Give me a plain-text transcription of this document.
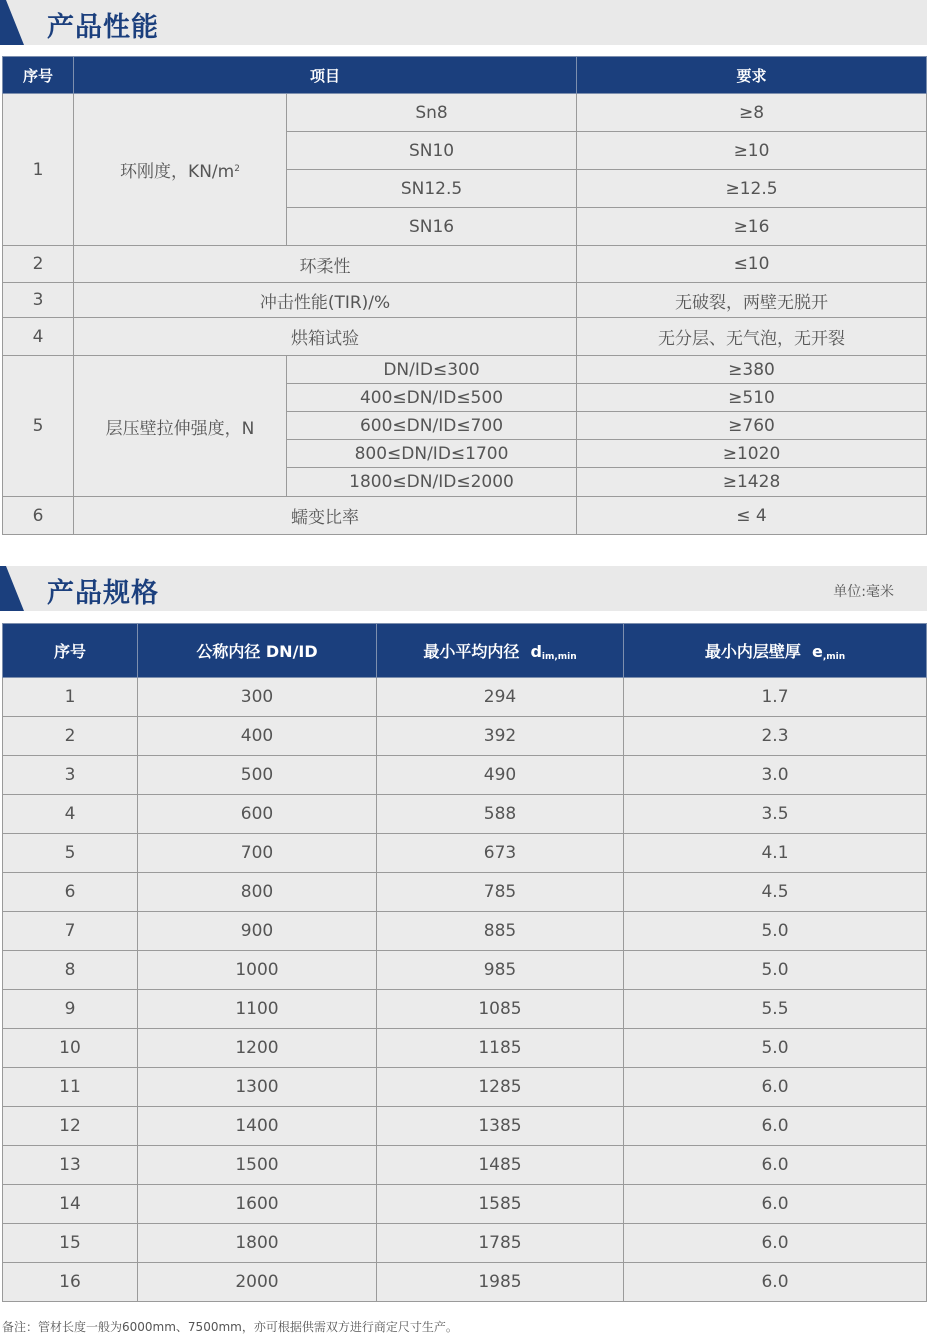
产品性能
序号	项目		要求
1	环刚度，$KN/m^2$	Sn8	≥8
		SN10	≥10
		SN12.5	≥12.5
		SN16	≥16
2	环柔性		≤10
3	冲击性能(TIR)/%		无破裂，两壁无脱开
4	烘箱试验		无分层、无气泡，无开裂
5	层压壁拉伸强度，N	DN/ID≤300	≥380
		400≤DN/ID≤500	≥510
		600≤DN/ID≤700	≥760
		800≤DN/ID≤1700	≥1020
		1800≤DN/ID≤2000	≥1428
6	蠕变比率		≤ 4
产品规格	单位:毫米
序号	公称内径 DN/ID	最小平均内径 $d_{im,min}$	最小内层壁厚 $e_{,min}$
1	300	294	1.7
2	400	392	2.3
3	500	490	3.0
4	600	588	3.5
5	700	673	4.1
6	800	785	4.5
7	900	885	5.0
8	1000	985	5.0
9	1100	1085	5.5
10	1200	1185	5.0
11	1300	1285	6.0
12	1400	1385	6.0
13	1500	1485	6.0
14	1600	1585	6.0
15	1800	1785	6.0
16	2000	1985	6.0
备注：管材长度一般为6000mm、7500mm，亦可根据供需双方进行商定尺寸生产。
